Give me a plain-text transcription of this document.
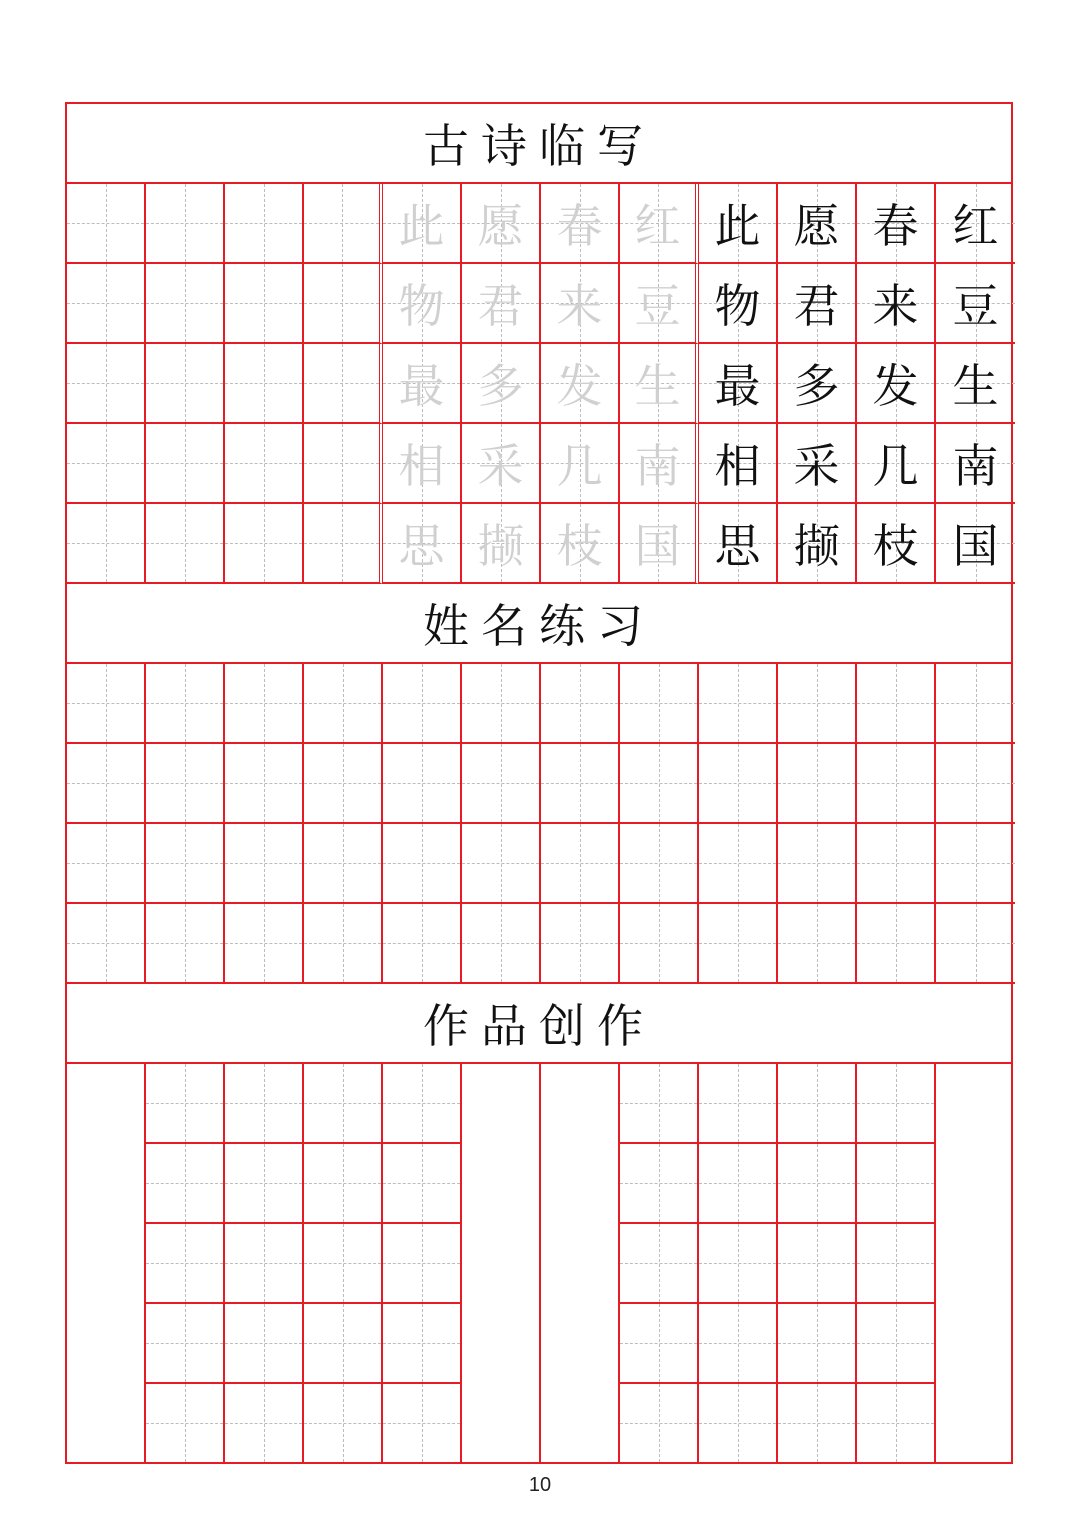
古诗临写
此 愿 春 红 此 愿 春 红
物 君 来 豆 物 君 来 豆
最 多 发 生 最 多 发 生
相 采 几 南 相 采 几 南
思 撷 枝 国 思 撷 枝 国
姓名练习
作品创作
10
